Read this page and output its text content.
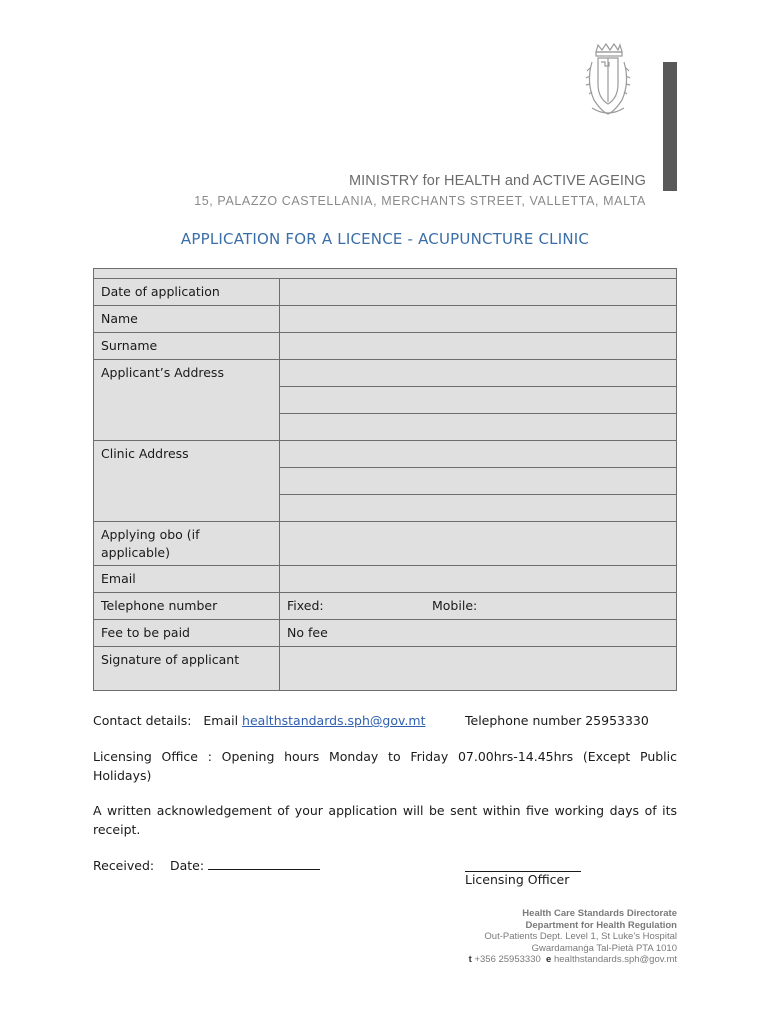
MINISTRY for HEALTH and ACTIVE AGEING
15, PALAZZO CASTELLANIA, MERCHANTS STREET, VALLETTA, MALTA
APPLICATION FOR A LICENCE - ACUPUNCTURE CLINIC

Date of application	
Name	
Surname	
Applicant’s Address	

Clinic Address	

Applying obo (if applicable)	
Email	
Telephone number	Fixed: Mobile:

Fee to be paid	No fee
Signature of applicant	
Contact details:   Email healthstandards.sph@gov.mt	Telephone number 25953330
Licensing Office : Opening hours Monday to Friday 07.00hrs-14.45hrs (Except Public Holidays)
A written acknowledgement of your application will be sent within five working days of its receipt.
Received: Date:
Licensing Officer
Health Care Standards Directorate
Department for Health Regulation
Out-Patients Dept. Level 1, St Luke’s Hospital
Gwardamanġa Tal-Pietà PTA 1010
t +356 25953330  e healthstandards.sph@gov.mt
